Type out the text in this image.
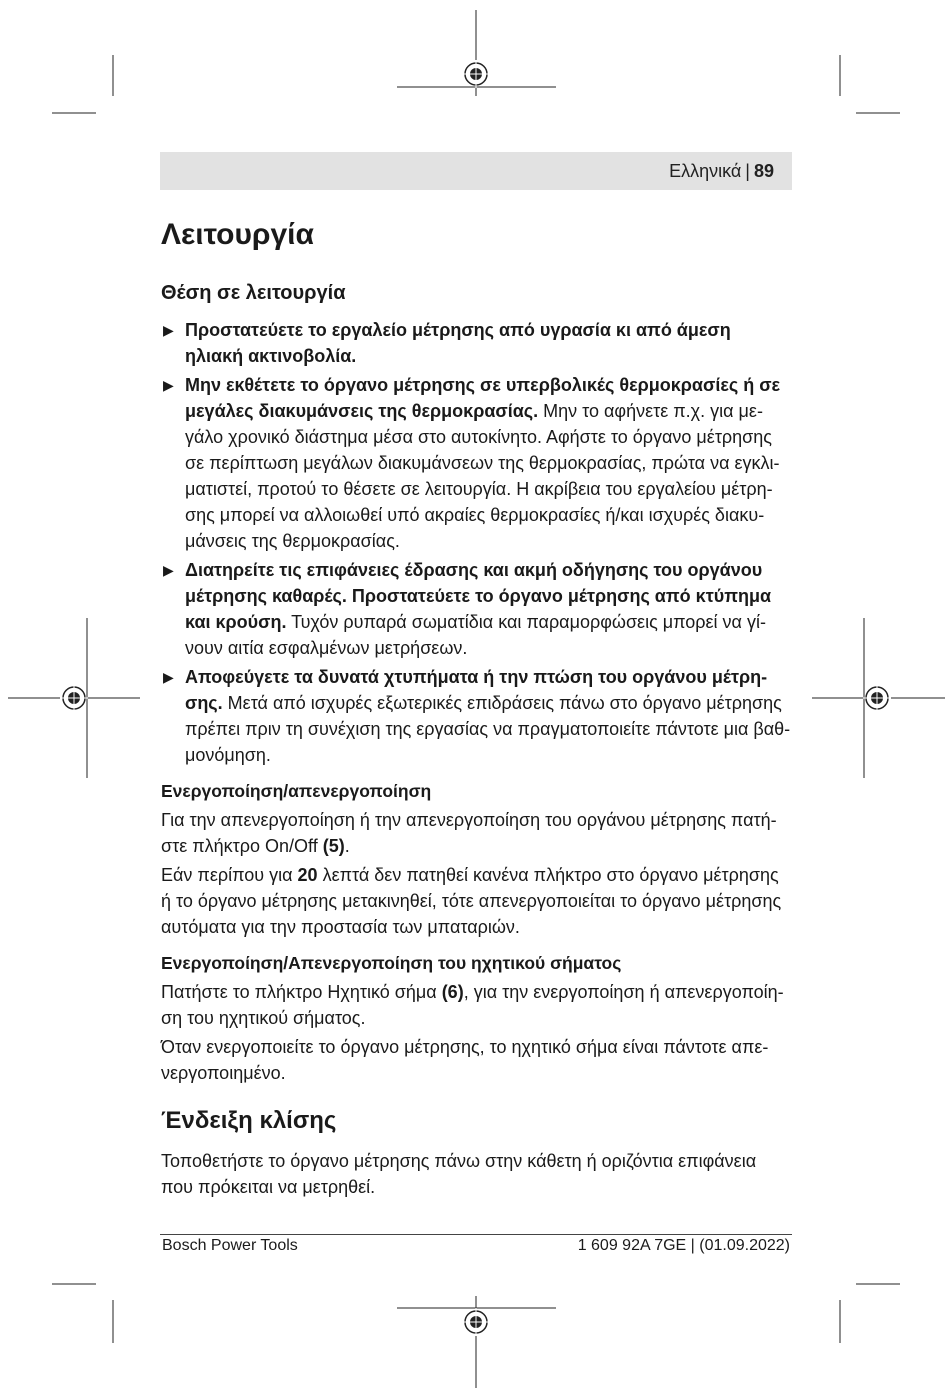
Ελληνικά | 89
Λειτουργία
Θέση σε λειτουργία
▶ Προστατεύετε το εργαλείο μέτρησης από υγρασία κι από άμεση ηλιακή ακτινοβολία.
▶ Μην εκθέτετε το όργανο μέτρησης σε υπερβολικές θερμοκρασίες ή σε μεγάλες διακυμάνσεις της θερμοκρασίας. Μην το αφήνετε π.χ. για μεγάλο χρονικό διάστημα μέσα στο αυτοκίνητο. Αφήστε το όργανο μέτρησης σε περίπτωση μεγάλων διακυμάνσεων της θερμοκρασίας, πρώτα να εγκλιματιστεί, προτού τo θέσετε σε λειτουργία. Η ακρίβεια του εργαλείου μέτρησης μπορεί να αλλοιωθεί υπό ακραίες θερμοκρασίες ή/και ισχυρές διακυμάνσεις της θερμοκρασίας.
▶ Διατηρείτε τις επιφάνειες έδρασης και ακμή οδήγησης του οργάνου μέτρησης καθαρές. Προστατεύετε το όργανο μέτρησης από κτύπημα και κρούση. Τυχόν ρυπαρά σωματίδια και παραμορφώσεις μπορεί να γίνουν αιτία εσφαλμένων μετρήσεων.
▶ Αποφεύγετε τα δυνατά χτυπήματα ή την πτώση του οργάνου μέτρησης. Μετά από ισχυρές εξωτερικές επιδράσεις πάνω στο όργανο μέτρησης πρέπει πριν τη συνέχιση της εργασίας να πραγματοποιείτε πάντοτε μια βαθμονόμηση.
Ενεργοποίηση/απενεργοποίηση

Για την απενεργοποίηση ή την απενεργοποίηση του οργάνου μέτρησης πατήστε πλήκτρο On/Off (5).

Εάν περίπου για 20 λεπτά δεν πατηθεί κανένα πλήκτρο στο όργανο μέτρησης ή το όργανο μέτρησης μετακινηθεί, τότε απενεργοποιείται το όργανο μέτρησης αυτόματα για την προστασία των μπαταριών.

Ενεργοποίηση/Απενεργοποίηση του ηχητικού σήματος

Πατήστε το πλήκτρο Ηχητικό σήμα (6), για την ενεργοποίηση ή απενεργοποίηση του ηχητικού σήματος.

Όταν ενεργοποιείτε το όργανο μέτρησης, το ηχητικό σήμα είναι πάντοτε απενεργοποιημένο.

Ένδειξη κλίσης

Τοποθετήστε το όργανο μέτρησης πάνω στην κάθετη ή οριζόντια επιφάνεια που πρόκειται να μετρηθεί.

Bosch Power Tools	1 609 92A 7GE | (01.09.2022)
